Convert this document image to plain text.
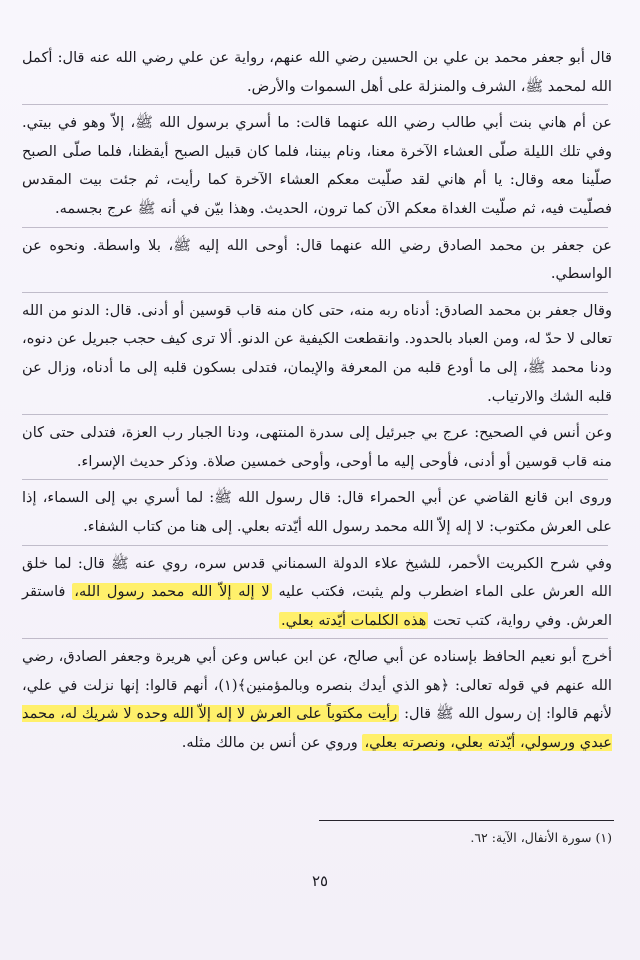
قال أبو جعفر محمد بن علي بن الحسين رضي الله عنهم، رواية عن علي رضي الله عنه قال: أكمل الله لمحمد ﷺ، الشرف والمنزلة على أهل السموات والأرض.

عن أم هاني بنت أبي طالب رضي الله عنهما قالت: ما أسري برسول الله ﷺ، إلاّ وهو في بيتي. وفي تلك الليلة صلّى العشاء الآخرة معنا، ونام بيننا، فلما كان قبيل الصبح أيقظنا، فلما صلّى الصبح صلّينا معه وقال: يا أم هاني لقد صلّيت معكم العشاء الآخرة كما رأيت، ثم جئت بيت المقدس فصلّيت فيه، ثم صلّيت الغداة معكم الآن كما ترون، الحديث. وهذا بيّن في أنه ﷺ عرج بجسمه.

عن جعفر بن محمد الصادق رضي الله عنهما قال: أوحى الله إليه ﷺ، بلا واسطة. ونحوه عن الواسطي.

وقال جعفر بن محمد الصادق: أدناه ربه منه، حتى كان منه قاب قوسين أو أدنى. قال: الدنو من الله تعالى لا حدّ له، ومن العباد بالحدود. وانقطعت الكيفية عن الدنو. ألا ترى كيف حجب جبريل عن دنوه، ودنا محمد ﷺ، إلى ما أودع قلبه من المعرفة والإيمان، فتدلى بسكون قلبه إلى ما أدناه، وزال عن قلبه الشك والارتياب.

وعن أنس في الصحيح: عرج بي جبرئيل إلى سدرة المنتهى، ودنا الجبار رب العزة، فتدلى حتى كان منه قاب قوسين أو أدنى، فأوحى إليه ما أوحى، وأوحى خمسين صلاة. وذكر حديث الإسراء.

وروى ابن قانع القاضي عن أبي الحمراء قال: قال رسول الله ﷺ: لما أسري بي إلى السماء، إذا على العرش مكتوب: لا إله إلاّ الله محمد رسول الله أيّدته بعلي. إلى هنا من كتاب الشفاء.

وفي شرح الكبريت الأحمر، للشيخ علاء الدولة السمناني قدس سره، روي عنه ﷺ قال: لما خلق الله العرش على الماء اضطرب ولم يثبت، فكتب عليه لا إله إلاّ الله محمد رسول الله، فاستقر العرش. وفي رواية، كتب تحت هذه الكلمات أيّدته بعلي.

أخرج أبو نعيم الحافظ بإسناده عن أبي صالح، عن ابن عباس وعن أبي هريرة وجعفر الصادق، رضي الله عنهم في قوله تعالى: ﴿هو الذي أيدك بنصره وبالمؤمنين﴾(١)، أنهم قالوا: إنها نزلت في علي، لأنهم قالوا: إن رسول الله ﷺ قال: رأيت مكتوباً على العرش لا إله إلاّ الله وحده لا شريك له، محمد عبدي ورسولي، أيّدته بعلي، ونصرته بعلي، وروي عن أنس بن مالك مثله.

(١) سورة الأنفال، الآية: ٦٢.
٢٥
